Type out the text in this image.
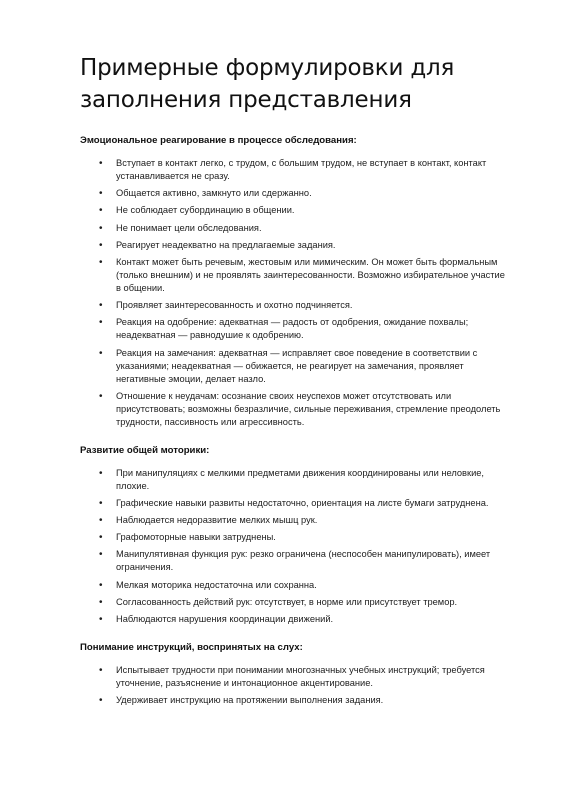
Примерные формулировки для
заполнения представления
Эмоциональное реагирование в процессе обследования:
• Вступает в контакт легко, с трудом, с большим трудом, не вступает в контакт, контакт устанавливается не сразу.
• Общается активно, замкнуто или сдержанно.
• Не соблюдает субординацию в общении.
• Не понимает цели обследования.
• Реагирует неадекватно на предлагаемые задания.
• Контакт может быть речевым, жестовым или мимическим. Он может быть формальным (только внешним) и не проявлять заинтересованности. Возможно избирательное участие в общении.
• Проявляет заинтересованность и охотно подчиняется.
• Реакция на одобрение: адекватная — радость от одобрения, ожидание похвалы; неадекватная — равнодушие к одобрению.
• Реакция на замечания: адекватная — исправляет свое поведение в соответствии с указаниями; неадекватная — обижается, не реагирует на замечания, проявляет негативные эмоции, делает назло.
• Отношение к неудачам: осознание своих неуспехов может отсутствовать или присутствовать; возможны безразличие, сильные переживания, стремление преодолеть трудности, пассивность или агрессивность.
Развитие общей моторики:
• При манипуляциях с мелкими предметами движения координированы или неловкие, плохие.
• Графические навыки развиты недостаточно, ориентация на листе бумаги затруднена.
• Наблюдается недоразвитие мелких мышц рук.
• Графомоторные навыки затруднены.
• Манипулятивная функция рук: резко ограничена (неспособен манипулировать), имеет ограничения.
• Мелкая моторика недостаточна или сохранна.
• Согласованность действий рук: отсутствует, в норме или присутствует тремор.
• Наблюдаются нарушения координации движений.
Понимание инструкций, воспринятых на слух:
• Испытывает трудности при понимании многозначных учебных инструкций; требуется уточнение, разъяснение и интонационное акцентирование.
• Удерживает инструкцию на протяжении выполнения задания.
